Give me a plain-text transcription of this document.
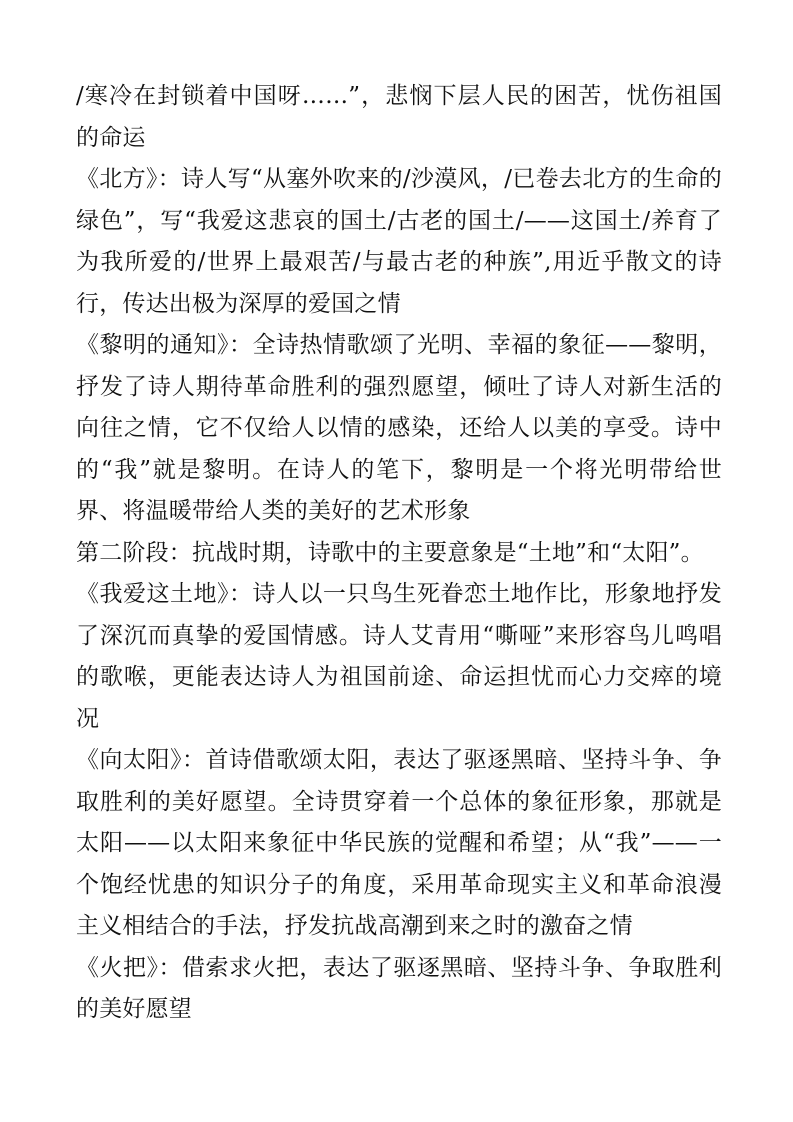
/寒冷在封锁着中国呀……”，悲悯下层人民的困苦，忧伤祖国的命运

《北方》：诗人写“从塞外吹来的/沙漠风，/已卷去北方的生命的绿色”，写“我爱这悲哀的国土/古老的国土/——这国土/养育了为我所爱的/世界上最艰苦/与最古老的种族”,用近乎散文的诗行，传达出极为深厚的爱国之情

《黎明的通知》：全诗热情歌颂了光明、幸福的象征——黎明，抒发了诗人期待革命胜利的强烈愿望，倾吐了诗人对新生活的向往之情，它不仅给人以情的感染，还给人以美的享受。诗中的“我”就是黎明。在诗人的笔下，黎明是一个将光明带给世界、将温暖带给人类的美好的艺术形象

第二阶段：抗战时期，诗歌中的主要意象是“土地”和“太阳”。

《我爱这土地》：诗人以一只鸟生死眷恋土地作比，形象地抒发了深沉而真挚的爱国情感。诗人艾青用“嘶哑”来形容鸟儿鸣唱的歌喉，更能表达诗人为祖国前途、命运担忧而心力交瘁的境况

《向太阳》：首诗借歌颂太阳，表达了驱逐黑暗、坚持斗争、争取胜利的美好愿望。全诗贯穿着一个总体的象征形象，那就是太阳——以太阳来象征中华民族的觉醒和希望；从“我”——一个饱经忧患的知识分子的角度，采用革命现实主义和革命浪漫主义相结合的手法，抒发抗战高潮到来之时的激奋之情

《火把》：借索求火把，表达了驱逐黑暗、坚持斗争、争取胜利的美好愿望
